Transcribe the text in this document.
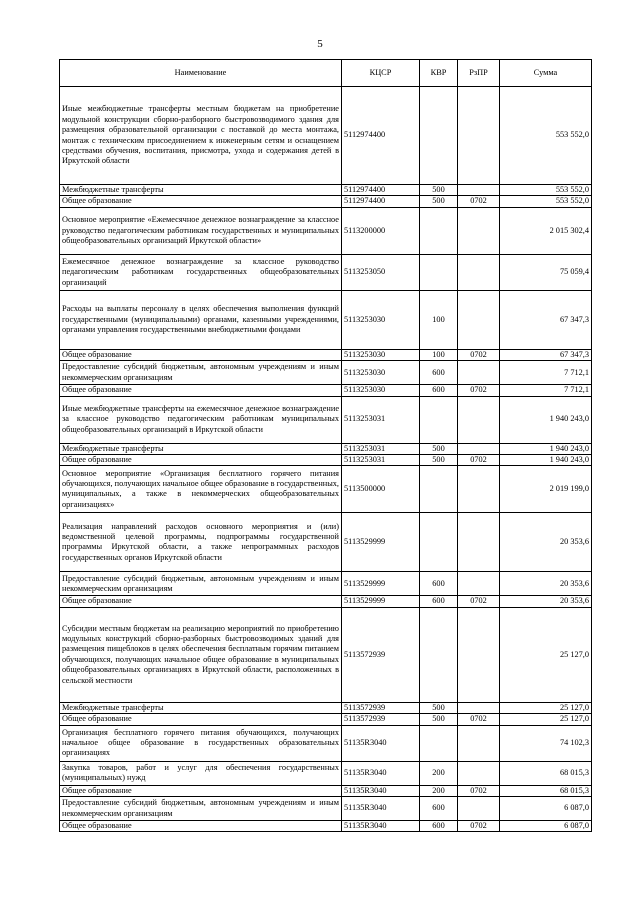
5
Наименование	КЦСР	КВР	РзПР	Сумма
Иные межбюджетные трансферты местным бюджетам на приобретение модульной конструкции сборно-разборного быстровозводимого здания для размещения образовательной организации с поставкой до места монтажа, монтаж с техническим присоединением к инженерным сетям и оснащением средствами обучения, воспитания, присмотра, ухода и содержания детей в Иркутской области	5112974400			553 552,0
Межбюджетные трансферты	5112974400	500		553 552,0
Общее образование	5112974400	500	0702	553 552,0
Основное мероприятие «Ежемесячное денежное вознаграждение за классное руководство педагогическим работникам государственных и муниципальных общеобразовательных организаций Иркутской области»	5113200000			2 015 302,4
Ежемесячное денежное вознаграждение за классное руководство педагогическим работникам государственных общеобразовательных организаций	5113253050			75 059,4
Расходы на выплаты персоналу в целях обеспечения выполнения функций государственными (муниципальными) органами, казенными учреждениями, органами управления государственными внебюджетными фондами	5113253030	100		67 347,3
Общее образование	5113253030	100	0702	67 347,3
Предоставление субсидий бюджетным, автономным учреждениям и иным некоммерческим организациям	5113253030	600		7 712,1
Общее образование	5113253030	600	0702	7 712,1
Иные межбюджетные трансферты на ежемесячное денежное вознаграждение за классное руководство педагогическим работникам муниципальных общеобразовательных организаций в Иркутской области	5113253031			1 940 243,0
Межбюджетные трансферты	5113253031	500		1 940 243,0
Общее образование	5113253031	500	0702	1 940 243,0
Основное мероприятие «Организация бесплатного горячего питания обучающихся, получающих начальное общее образование в государственных, муниципальных, а также в некоммерческих общеобразовательных организациях»	5113500000			2 019 199,0
Реализация направлений расходов основного мероприятия и (или) ведомственной целевой программы, подпрограммы государственной программы Иркутской области, а также непрограммных расходов государственных органов Иркутской области	5113529999			20 353,6
Предоставление субсидий бюджетным, автономным учреждениям и иным некоммерческим организациям	5113529999	600		20 353,6
Общее образование	5113529999	600	0702	20 353,6
Субсидии местным бюджетам на реализацию мероприятий по приобретению модульных конструкций сборно-разборных быстровозводимых зданий для размещения пищеблоков в целях обеспечения бесплатным горячим питанием обучающихся, получающих начальное общее образование в муниципальных общеобразовательных организациях в Иркутской области, расположенных в сельской местности	5113572939			25 127,0
Межбюджетные трансферты	5113572939	500		25 127,0
Общее образование	5113572939	500	0702	25 127,0
Организация бесплатного горячего питания обучающихся, получающих начальное общее образование в государственных образовательных организациях	51135R3040			74 102,3
Закупка товаров, работ и услуг для обеспечения государственных (муниципальных) нужд	51135R3040	200		68 015,3
Общее образование	51135R3040	200	0702	68 015,3
Предоставление субсидий бюджетным, автономным учреждениям и иным некоммерческим организациям	51135R3040	600		6 087,0
Общее образование	51135R3040	600	0702	6 087,0
